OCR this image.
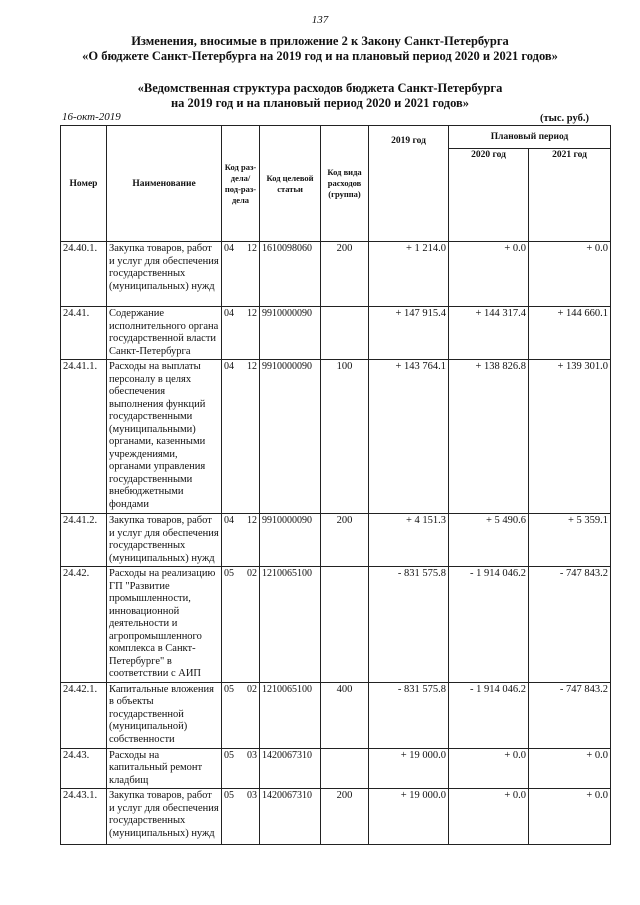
137
Изменения, вносимые в приложение 2 к Закону Санкт-Петербурга
«О бюджете Санкт-Петербурга на 2019 год и на плановый период 2020 и 2021 годов»
«Ведомственная структура расходов бюджета Санкт-Петербурга
на 2019 год и на плановый период 2020 и 2021 годов»
16-окт-2019	(тыс. руб.)
Номер	Наименование	Код раз-дела/ под-раз-дела		Код целевой статьи	Код вида расходов (группа)	2019 год	Плановый период	
							2020 год	2021 год
24.40.1.	Закупка товаров, работ и услуг для обеспечения государственных (муниципальных) нужд	04	12	1610098060	200	+ 1 214.0	+ 0.0	+ 0.0
24.41.	Содержание исполнительного органа государственной власти Санкт-Петербурга	04	12	9910000090		+ 147 915.4	+ 144 317.4	+ 144 660.1
24.41.1.	Расходы на выплаты персоналу в целях обеспечения выполнения функций государственными (муниципальными) органами, казенными учреждениями, органами управления государственными внебюджетными фондами	04	12	9910000090	100	+ 143 764.1	+ 138 826.8	+ 139 301.0
24.41.2.	Закупка товаров, работ и услуг для обеспечения государственных (муниципальных) нужд	04	12	9910000090	200	+ 4 151.3	+ 5 490.6	+ 5 359.1
24.42.	Расходы на реализацию ГП "Развитие промышленности, инновационной деятельности и агропромышленного комплекса в Санкт-Петербурге" в соответствии с АИП	05	02	1210065100		- 831 575.8	- 1 914 046.2	- 747 843.2
24.42.1.	Капитальные вложения в объекты государственной (муниципальной) собственности	05	02	1210065100	400	- 831 575.8	- 1 914 046.2	- 747 843.2
24.43.	Расходы на капитальный ремонт кладбищ	05	03	1420067310		+ 19 000.0	+ 0.0	+ 0.0
24.43.1.	Закупка товаров, работ и услуг для обеспечения государственных (муниципальных) нужд	05	03	1420067310	200	+ 19 000.0	+ 0.0	+ 0.0
